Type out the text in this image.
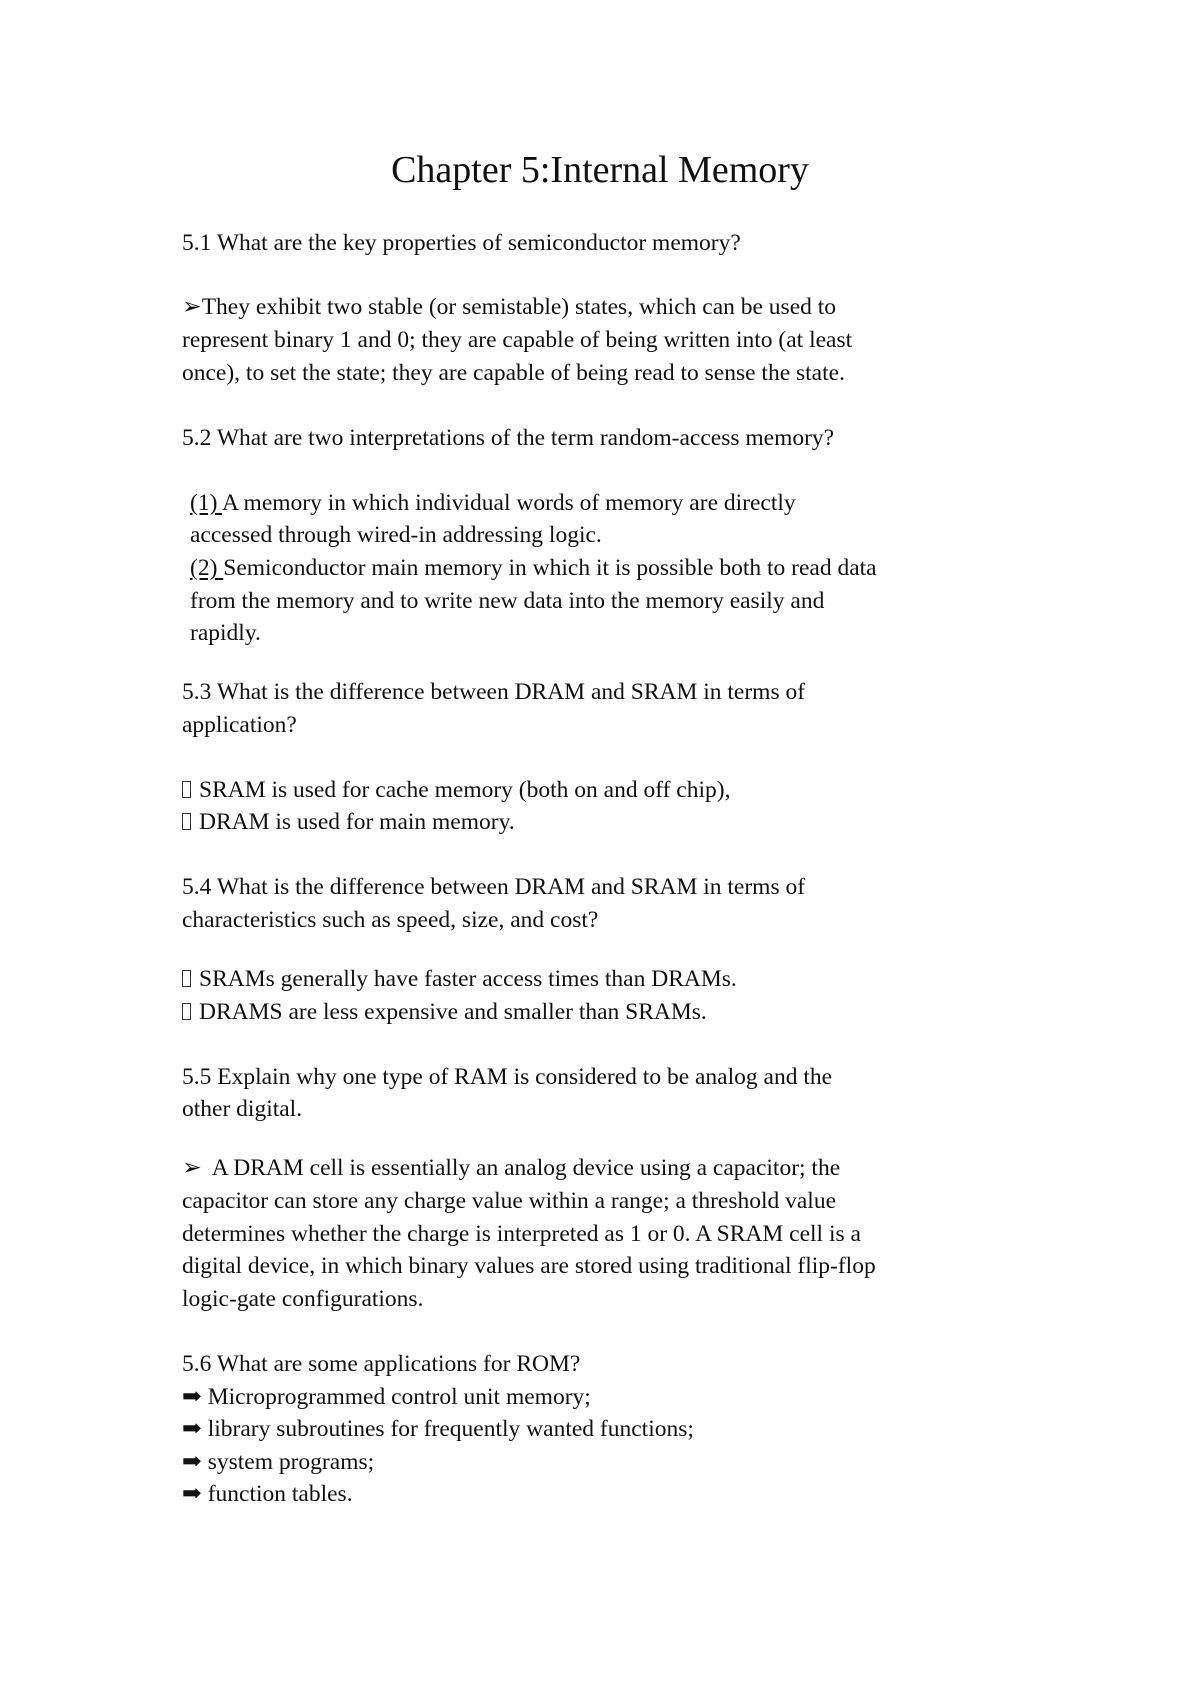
Chapter 5:Internal Memory
5.1 What are the key properties of semiconductor memory?
➢They exhibit two stable (or semistable) states, which can be used to
represent binary 1 and 0; they are capable of being written into (at least
once), to set the state; they are capable of being read to sense the state.
5.2 What are two interpretations of the term random-access memory?
(1) A memory in which individual words of memory are directly
accessed through wired-in addressing logic.
(2) Semiconductor main memory in which it is possible both to read data
from the memory and to write new data into the memory easily and
rapidly.
5.3 What is the difference between DRAM and SRAM in terms of
application?
SRAM is used for cache memory (both on and off chip),
DRAM is used for main memory.
5.4 What is the difference between DRAM and SRAM in terms of
characteristics such as speed, size, and cost?
SRAMs generally have faster access times than DRAMs.
DRAMS are less expensive and smaller than SRAMs.
5.5 Explain why one type of RAM is considered to be analog and the
other digital.
➢ A DRAM cell is essentially an analog device using a capacitor; the
capacitor can store any charge value within a range; a threshold value
determines whether the charge is interpreted as 1 or 0. A SRAM cell is a
digital device, in which binary values are stored using traditional flip-flop
logic-gate configurations.
5.6 What are some applications for ROM?
➡ Microprogrammed control unit memory;
➡ library subroutines for frequently wanted functions;
➡ system programs;
➡ function tables.
